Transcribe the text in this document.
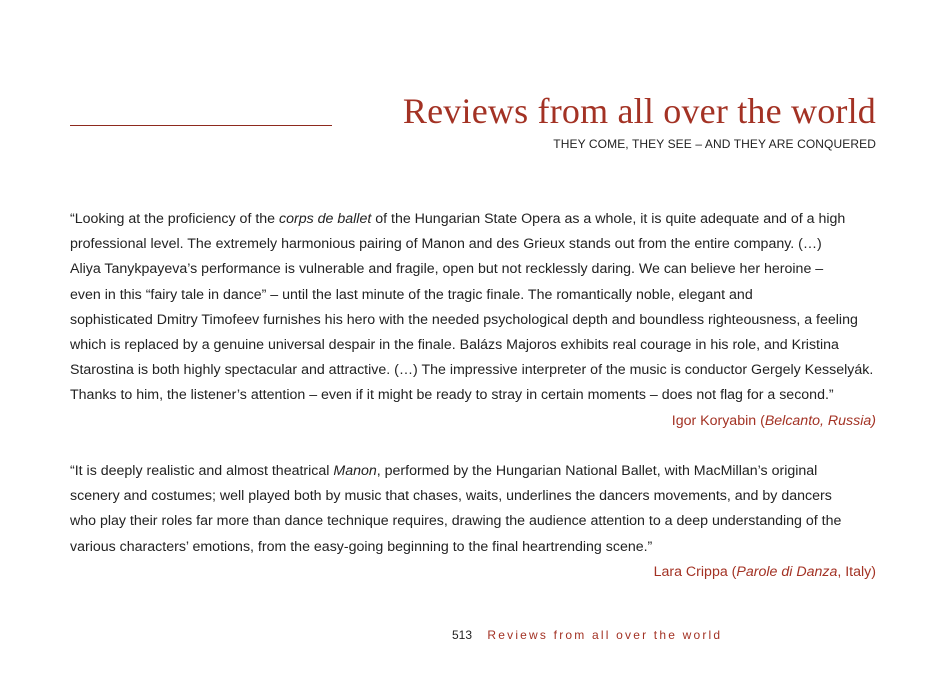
Reviews from all over the world
THEY COME, THEY SEE – AND THEY ARE CONQUERED

“Looking at the proficiency of the corps de ballet of the Hungarian State Opera as a whole, it is quite adequate and of a high
professional level. The extremely harmonious pairing of Manon and des Grieux stands out from the entire company. (…)
Aliya Tanykpayeva’s performance is vulnerable and fragile, open but not recklessly daring. We can believe her heroine –
even in this “fairy tale in dance” – until the last minute of the tragic finale. The romantically noble, elegant and
sophisticated Dmitry Timofeev furnishes his hero with the needed psychological depth and boundless righteousness, a feeling
which is replaced by a genuine universal despair in the finale. Balázs Majoros exhibits real courage in his role, and Kristina
Starostina is both highly spectacular and attractive. (…) The impressive interpreter of the music is conductor Gergely Kesselyák.
Thanks to him, the listener’s attention – even if it might be ready to stray in certain moments – does not flag for a second.”

Igor Koryabin (Belcanto, Russia)

“It is deeply realistic and almost theatrical Manon, performed by the Hungarian National Ballet, with MacMillan’s original
scenery and costumes; well played both by music that chases, waits, underlines the dancers movements, and by dancers
who play their roles far more than dance technique requires, drawing the audience attention to a deep understanding of the
various characters’ emotions, from the easy-going beginning to the final heartrending scene.”

Lara Crippa (Parole di Danza, Italy)
513 Reviews from all over the world
